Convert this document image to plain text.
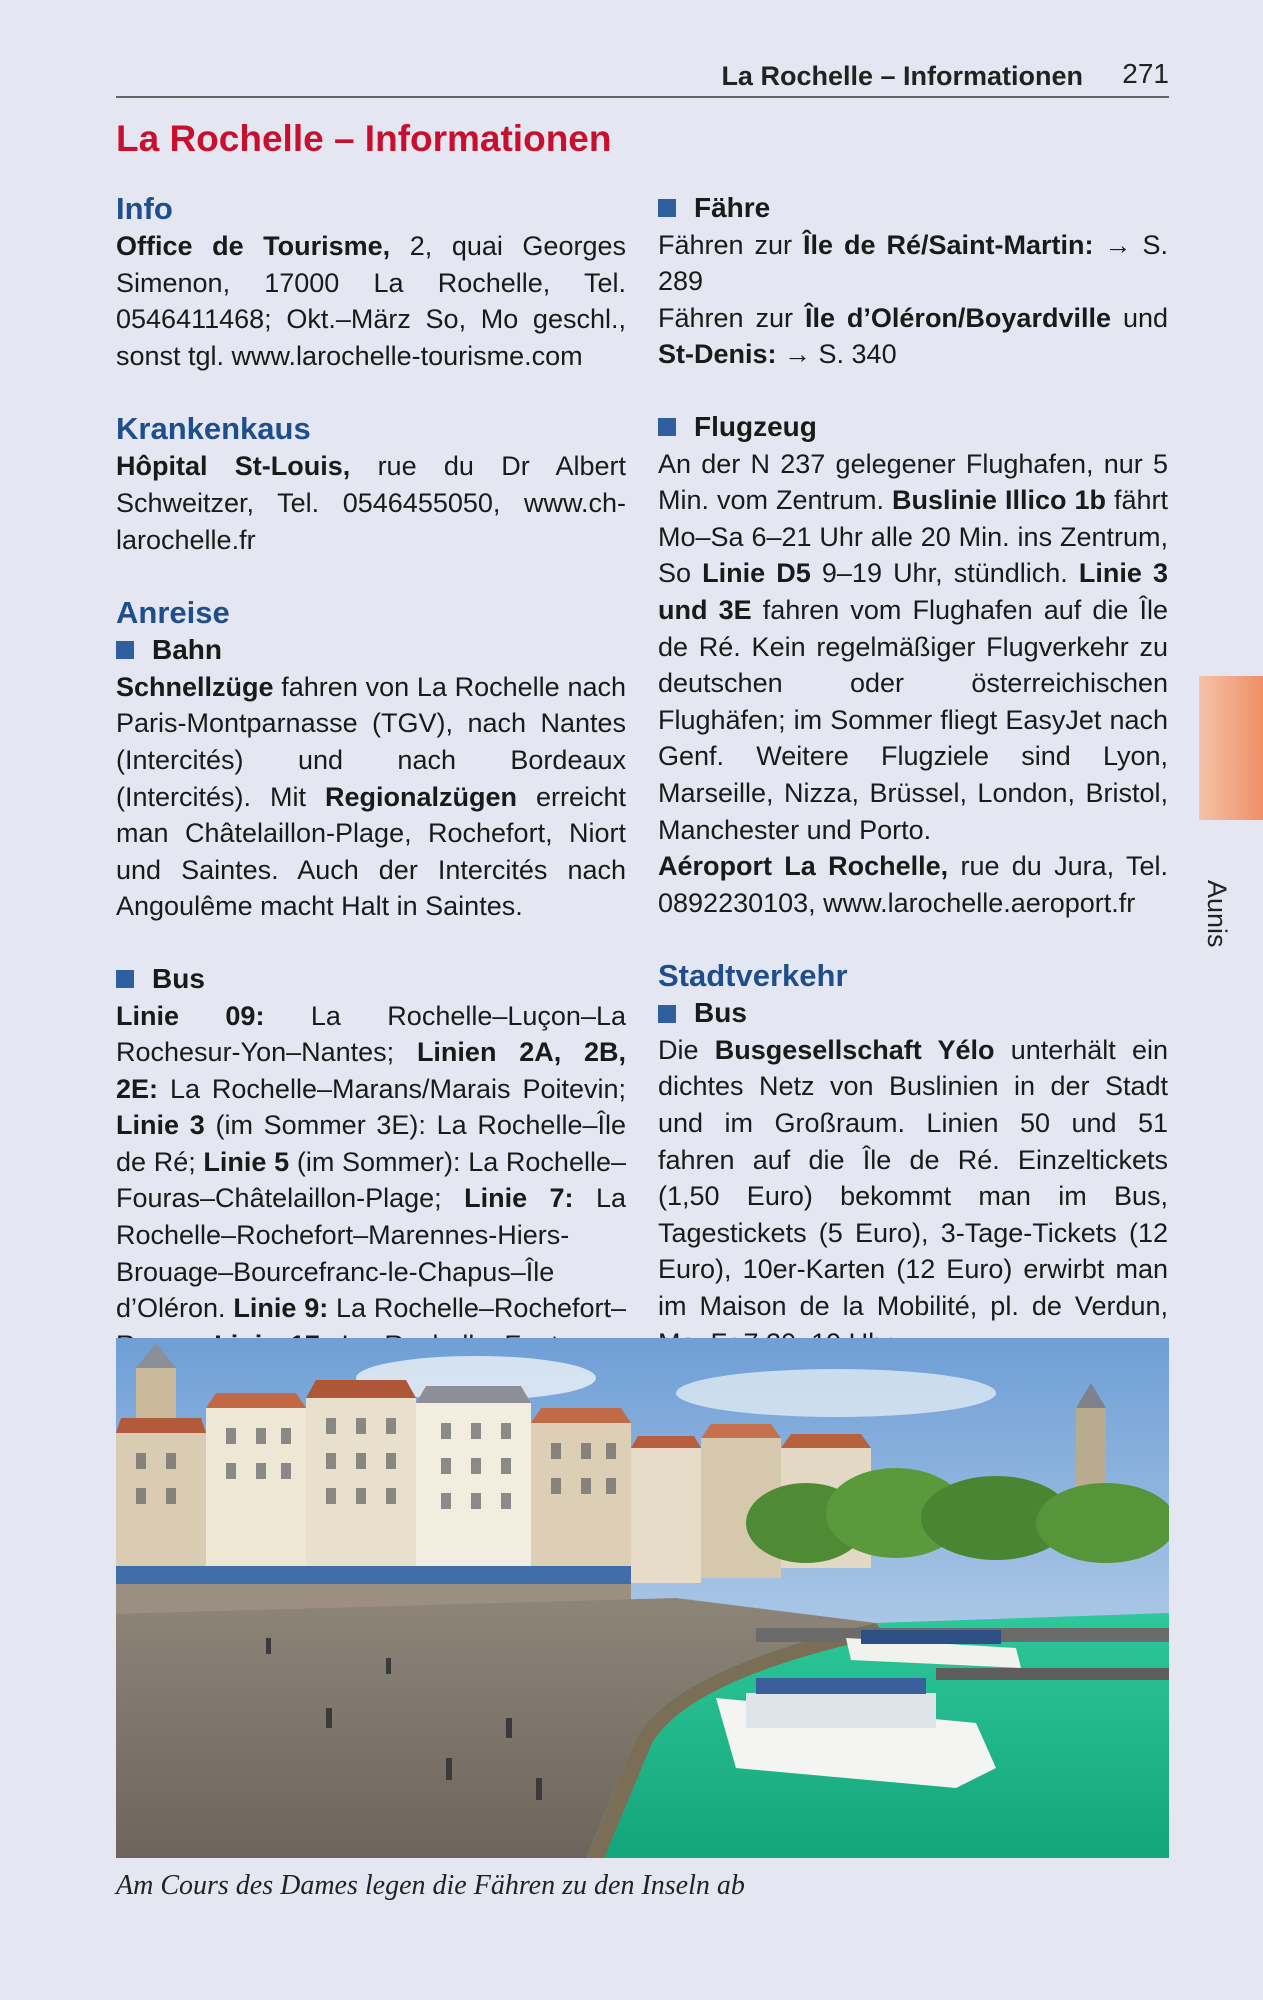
La Rochelle – Informationen 271
La Rochelle – Informationen
Info

Office de Tourisme, 2, quai Georges Simenon, 17000 La Rochelle, Tel. 0546411468; Okt.–März So, Mo geschl., sonst tgl. www.larochelle-tourisme.com

Krankenkaus

Hôpital St-Louis, rue du Dr Albert Schweitzer, Tel. 0546455050, www.ch-larochelle.fr

Anreise
Bahn

Schnellzüge fahren von La Rochelle nach Paris-Montparnasse (TGV), nach Nantes (Intercités) und nach Bordeaux (Intercités). Mit Regionalzügen erreicht man Châtelaillon-Plage, Rochefort, Niort und Saintes. Auch der Intercités nach Angoulême macht Halt in Saintes.

Bus

Linie 09: La Rochelle–Luçon–La Rochesur-Yon–Nantes; Linien 2A, 2B, 2E: La Rochelle–Marans/Marais Poitevin; Linie 3 (im Sommer 3E): La Rochelle–Île de Ré; Linie 5 (im Sommer): La Rochelle–Fouras–Châtelaillon-Plage; Linie 7: La Rochelle–Rochefort–Marennes-Hiers-Brouage–Bourcefranc-le-Chapus–Île d’Oléron. Linie 9: La Rochelle–Rochefort–

Fähre

Fähren zur Île de Ré/Saint-Martin: → S. 289

Fähren zur Île d’Oléron/Boyardville und St-Denis: → S. 340

Flugzeug

An der N 237 gelegener Flughafen, nur 5 Min. vom Zentrum. Buslinie Illico 1b fährt Mo–Sa 6–21 Uhr alle 20 Min. ins Zentrum, So Linie D5 9–19 Uhr, stündlich. Linie 3 und 3E fahren vom Flughafen auf die Île de Ré. Kein regelmäßiger Flugverkehr zu deutschen oder österreichischen Flughäfen; im Sommer fliegt EasyJet nach Genf. Weitere Flugziele sind Lyon, Marseille, Nizza, Brüssel, London, Bristol, Manchester und Porto.

Aéroport La Rochelle, rue du Jura, Tel. 0892230103, www.larochelle.aeroport.fr

Stadtverkehr
Bus

Die Busgesellschaft Yélo unterhält ein dichtes Netz von Buslinien in der Stadt und im Großraum. Linien 50 und 51 fahren auf die Île de Ré. Einzeltickets (1,50 Euro) bekommt man im Bus, Tagestickets (5 Euro), 3-Tage-Tickets (12 Euro), 10er-Karten (12 Euro) erwirbt man im Maison de la Mobilité, pl. de Verdun,

Am Cours des Dames legen die Fähren zu den Inseln ab
Aunis
